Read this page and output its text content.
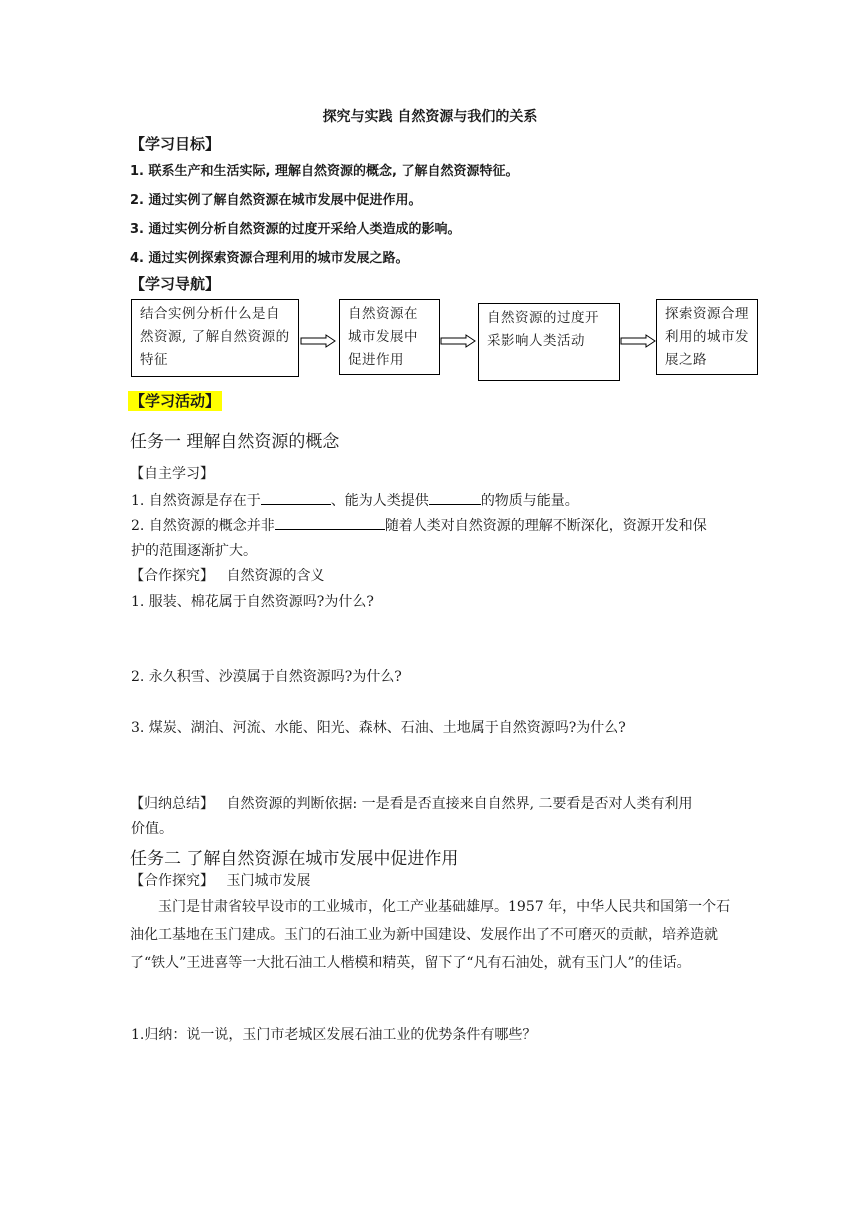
探究与实践 自然资源与我们的关系
【学习目标】
1. 联系生产和生活实际, 理解自然资源的概念, 了解自然资源特征。
2. 通过实例了解自然资源在城市发展中促进作用。
3. 通过实例分析自然资源的过度开采给人类造成的影响。
4. 通过实例探索资源合理利用的城市发展之路。
【学习导航】
结合实例分析什么是自然资源, 了解自然资源的特征
自然资源在城市发展中促进作用
自然资源的过度开采影响人类活动
探索资源合理利用的城市发展之路
【学习活动】
任务一 理解自然资源的概念
【自主学习】
1. 自然资源是存在于	、能为人类提供	的物质与能量。
2. 自然资源的概念并非	随着人类对自然资源的理解不断深化，资源开发和保
护的范围逐渐扩大。
【合作探究】 自然资源的含义
1. 服装、棉花属于自然资源吗?为什么?
2. 永久积雪、沙漠属于自然资源吗?为什么?
3. 煤炭、湖泊、河流、水能、阳光、森林、石油、土地属于自然资源吗?为什么?
【归纳总结】 自然资源的判断依据: 一是看是否直接来自自然界, 二要看是否对人类有利用
价值。
任务二 了解自然资源在城市发展中促进作用
【合作探究】 玉门城市发展
玉门是甘肃省较早设市的工业城市，化工产业基础雄厚。1957 年，中华人民共和国第一个石油化工基地在玉门建成。玉门的石油工业为新中国建设、发展作出了不可磨灭的贡献，培养造就了“铁人”王进喜等一大批石油工人楷模和精英，留下了“凡有石油处，就有玉门人”的佳话。
1.归纳：说一说，玉门市老城区发展石油工业的优势条件有哪些？
